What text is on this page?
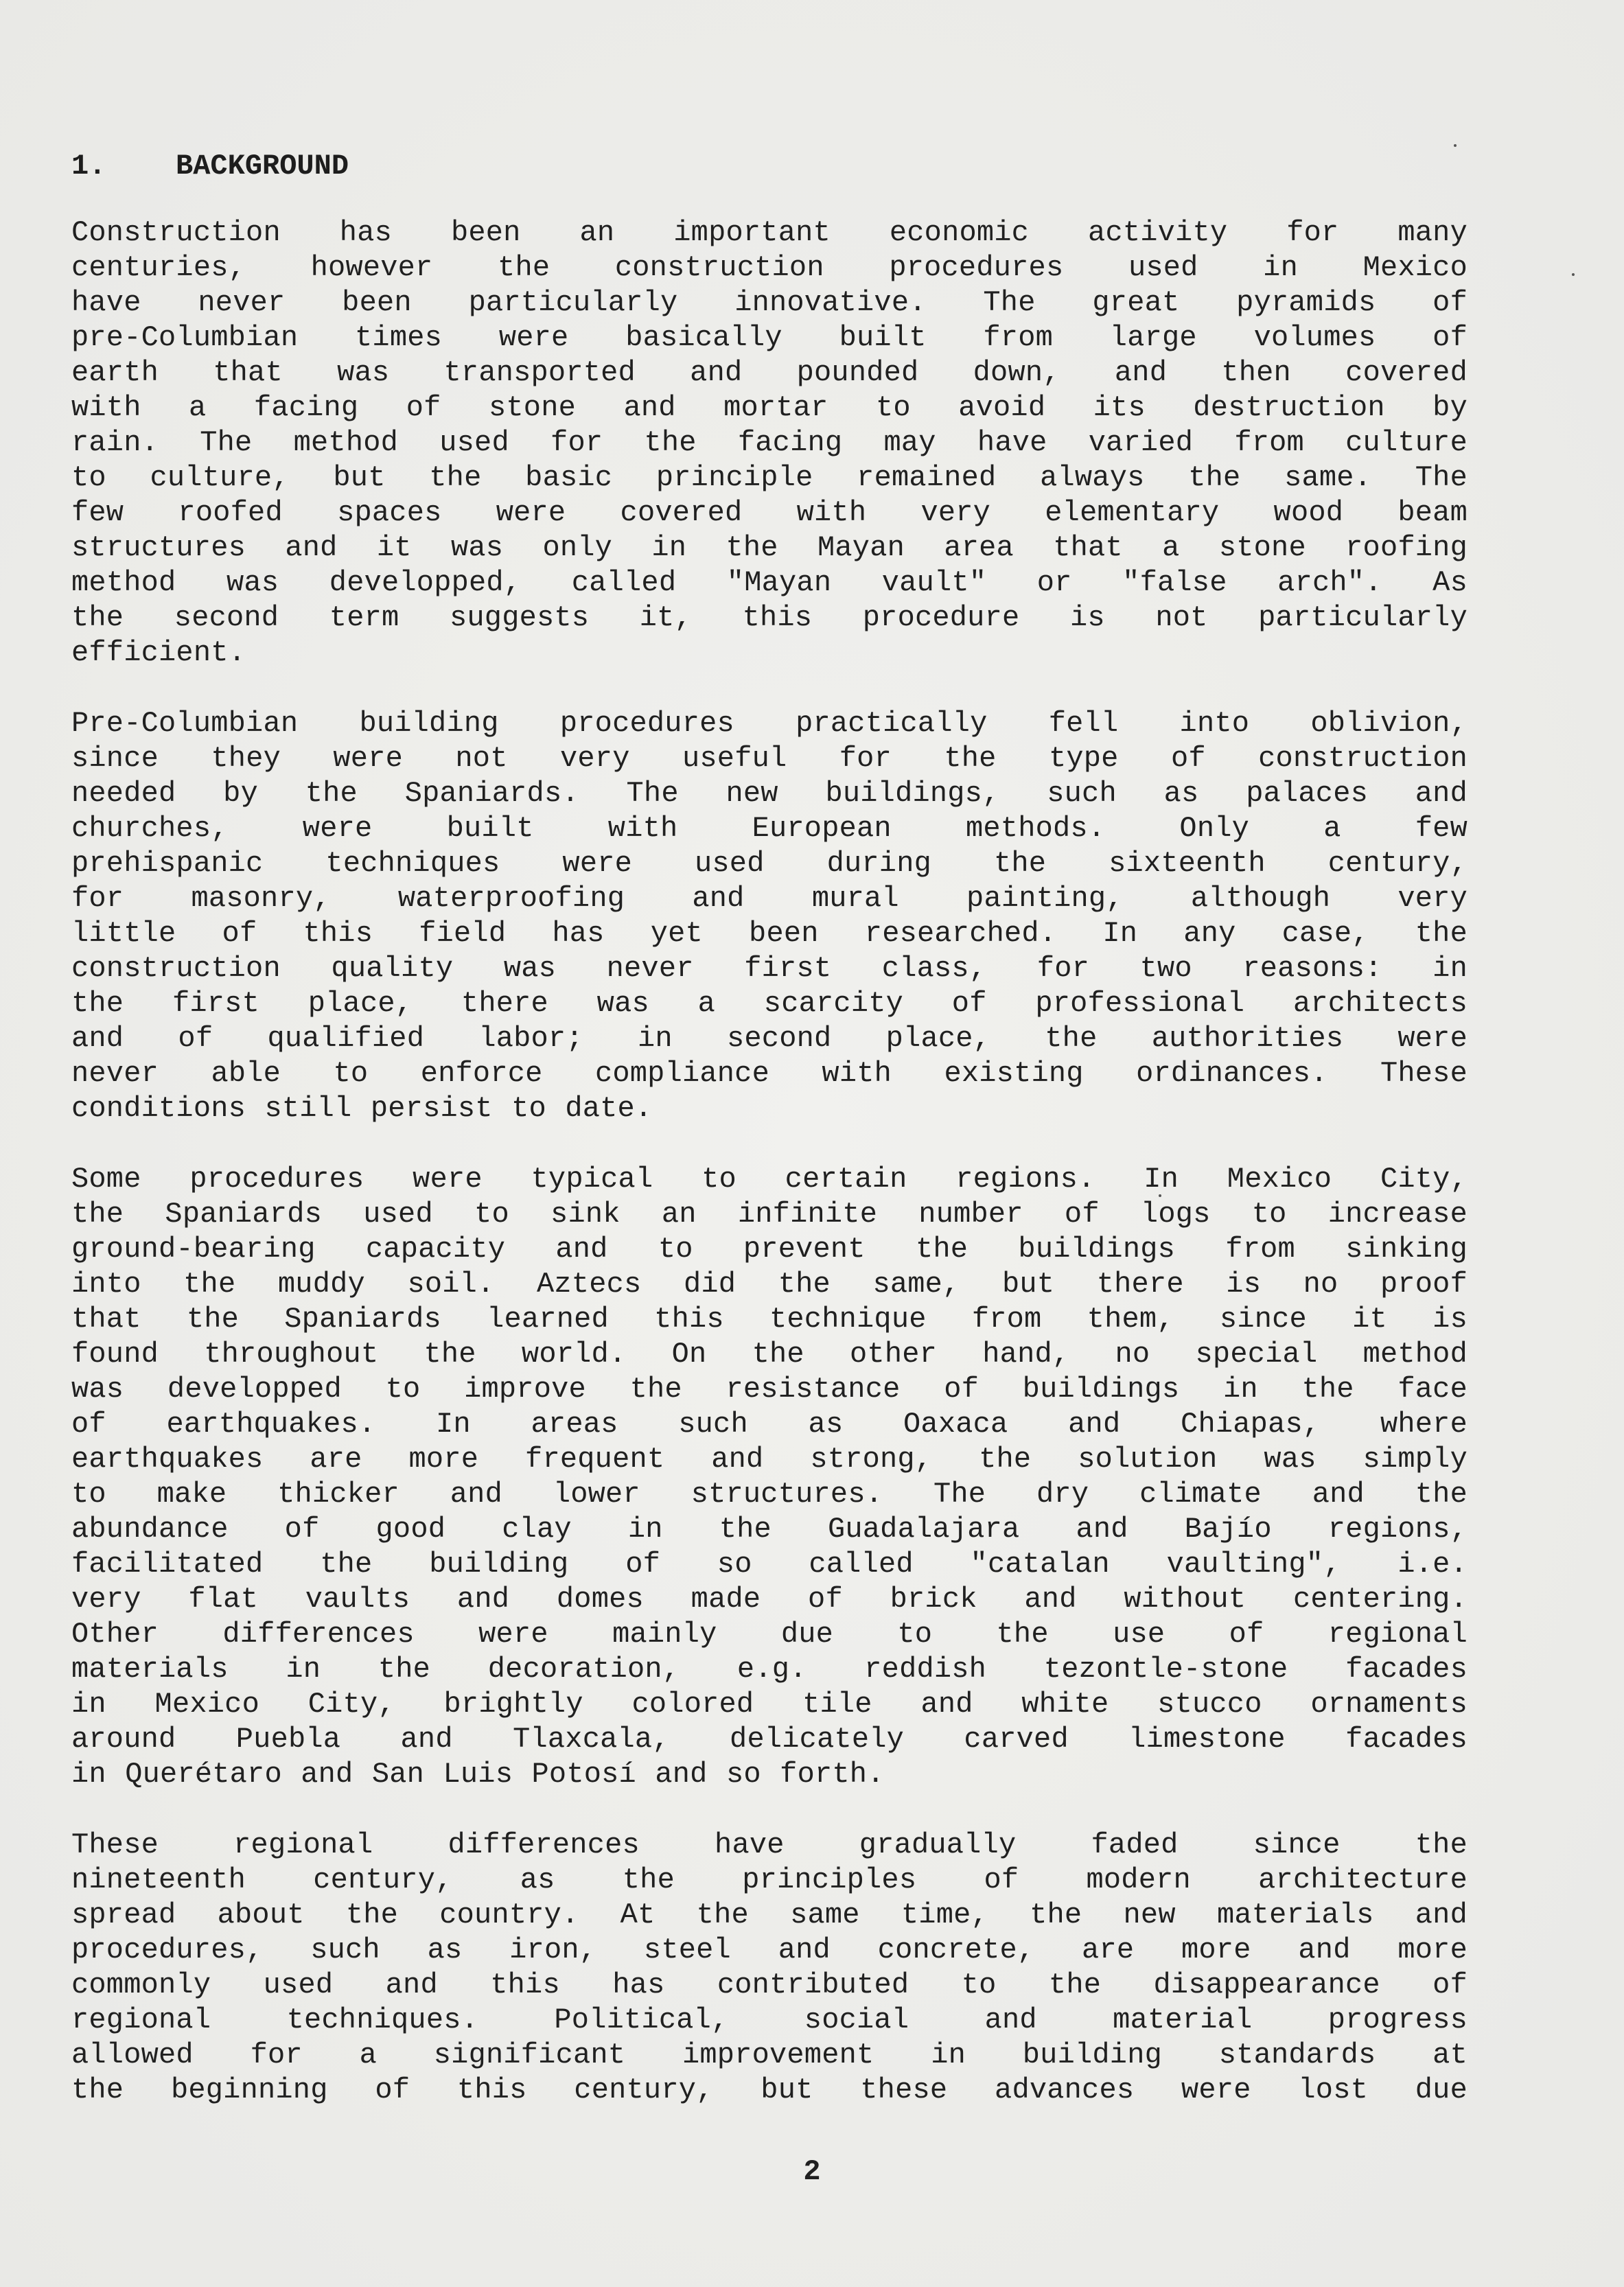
1.	BACKGROUND
Construction has been an important economic activity for many
centuries, however the construction procedures used in Mexico
have never been particularly innovative. The great pyramids of
pre-Columbian times were basically built from large volumes of
earth that was transported and pounded down, and then covered
with a facing of stone and mortar to avoid its destruction by
rain. The method used for the facing may have varied from culture
to culture, but the basic principle remained always the same. The
few roofed spaces were covered with very elementary wood beam
structures and it was only in the Mayan area that a stone roofing
method was developped, called "Mayan vault" or "false arch". As
the second term suggests it, this procedure is not particularly
efficient.
Pre-Columbian building procedures practically fell into oblivion,
since they were not very useful for the type of construction
needed by the Spaniards. The new buildings, such as palaces and
churches, were built with European methods. Only a few
prehispanic techniques were used during the sixteenth century,
for masonry, waterproofing and mural painting, although very
little of this field has yet been researched. In any case, the
construction quality was never first class, for two reasons: in
the first place, there was a scarcity of professional architects
and of qualified labor; in second place, the authorities were
never able to enforce compliance with existing ordinances. These
conditions still persist to date.
Some procedures were typical to certain regions. In Mexico City,
the Spaniards used to sink an infinite number of logs to increase
ground-bearing capacity and to prevent the buildings from sinking
into the muddy soil. Aztecs did the same, but there is no proof
that the Spaniards learned this technique from them, since it is
found throughout the world. On the other hand, no special method
was developped to improve the resistance of buildings in the face
of earthquakes. In areas such as Oaxaca and Chiapas, where
earthquakes are more frequent and strong, the solution was simply
to make thicker and lower structures. The dry climate and the
abundance of good clay in the Guadalajara and Bajío regions,
facilitated the building of so called "catalan vaulting", i.e.
very flat vaults and domes made of brick and without centering.
Other differences were mainly due to the use of regional
materials in the decoration, e.g. reddish tezontle-stone facades
in Mexico City, brightly colored tile and white stucco ornaments
around Puebla and Tlaxcala, delicately carved limestone facades
in Querétaro and San Luis Potosí and so forth.
These regional differences have gradually faded since the
nineteenth century, as the principles of modern architecture
spread about the country. At the same time, the new materials and
procedures, such as iron, steel and concrete, are more and more
commonly used and this has contributed to the disappearance of
regional techniques. Political, social and material progress
allowed for a significant improvement in building standards at
the beginning of this century, but these advances were lost due
2
